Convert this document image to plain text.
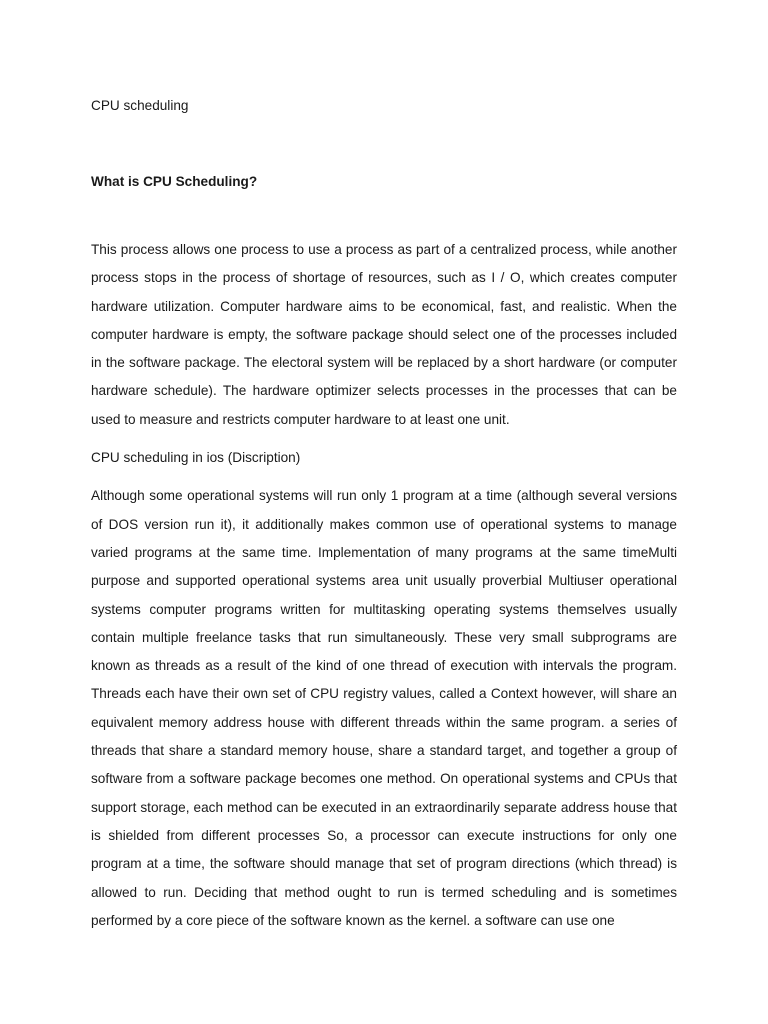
CPU scheduling

What is CPU Scheduling?

This process allows one process to use a process as part of a centralized process, while another process stops in the process of shortage of resources, such as I / O, which creates computer hardware utilization. Computer hardware aims to be economical, fast, and realistic. When the computer hardware is empty, the software package should select one of the processes included in the software package. The electoral system will be replaced by a short hardware (or computer hardware schedule). The hardware optimizer selects processes in the processes that can be used to measure and restricts computer hardware to at least one unit.

CPU scheduling in ios (Discription)

Although some operational systems will run only 1 program at a time (although several versions of DOS version run it), it additionally makes common use of operational systems to manage varied programs at the same time. Implementation of many programs at the same timeMulti purpose and supported operational systems area unit usually proverbial Multiuser operational systems computer programs written for multitasking operating systems themselves usually contain multiple freelance tasks that run simultaneously. These very small subprograms are known as threads as a result of the kind of one thread of execution with intervals the program. Threads each have their own set of CPU registry values, called a Context however, will share an equivalent memory address house with different threads within the same program. a series of threads that share a standard memory house, share a standard target, and together a group of software from a software package becomes one method. On operational systems and CPUs that support storage, each method can be executed in an extraordinarily separate address house that is shielded from different processes So, a processor can execute instructions for only one program at a time, the software should manage that set of program directions (which thread) is allowed to run. Deciding that method ought to run is termed scheduling and is sometimes performed by a core piece of the software known as the kernel. a software can use one
